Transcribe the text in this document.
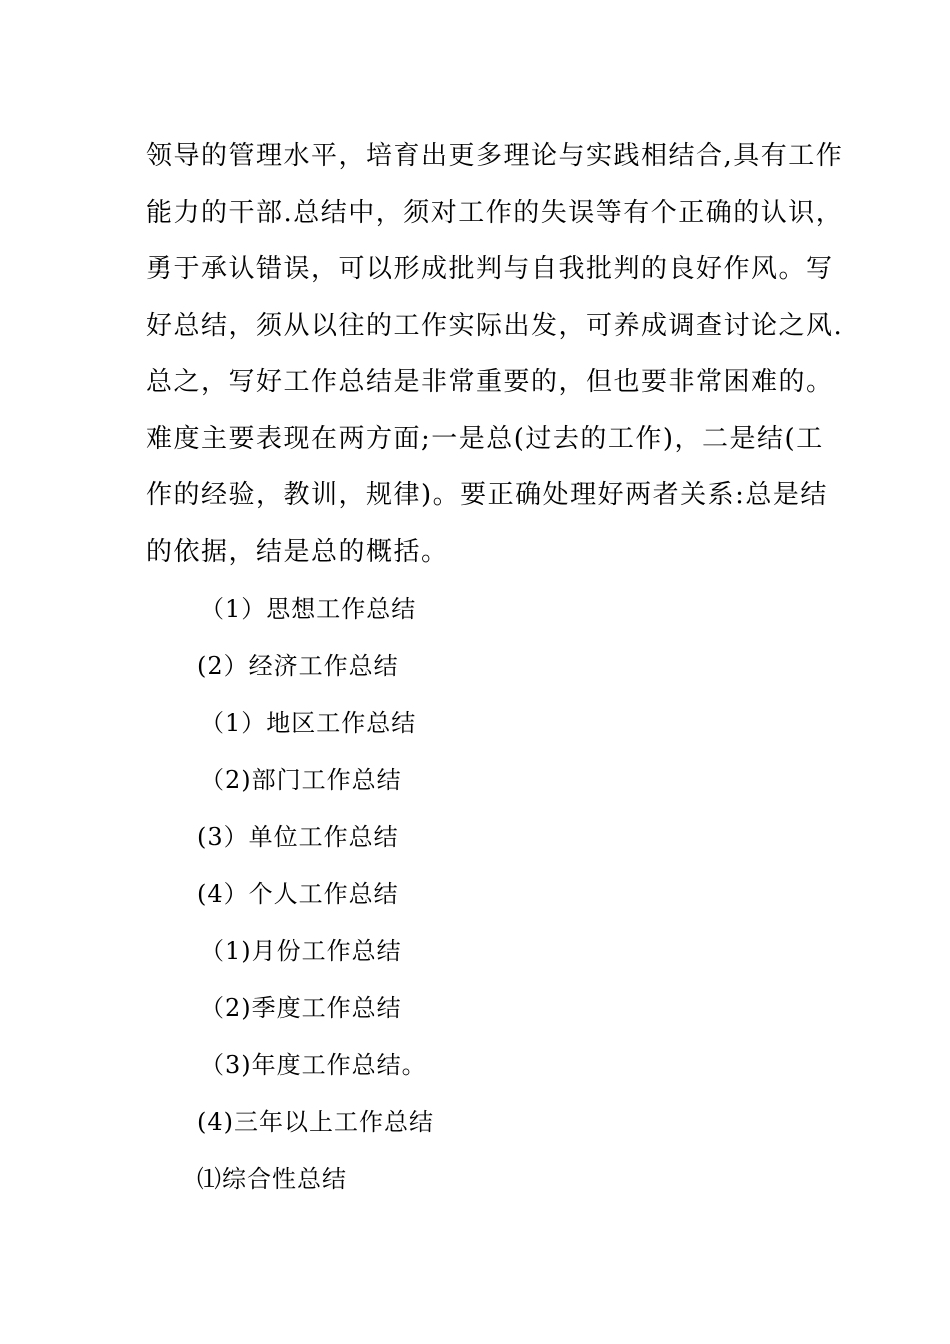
领导的管理水平，培育出更多理论与实践相结合,具有工作
能力的干部.总结中，须对工作的失误等有个正确的认识，
勇于承认错误，可以形成批判与自我批判的良好作风。写
好总结，须从以往的工作实际出发，可养成调查讨论之风.
总之，写好工作总结是非常重要的，但也要非常困难的。
难度主要表现在两方面;一是总(过去的工作)，二是结(工
作的经验，教训，规律)。要正确处理好两者关系:总是结
的依据，结是总的概括。
（1）思想工作总结
(2）经济工作总结
（1）地区工作总结
（2)部门工作总结
(3）单位工作总结
(4）个人工作总结
（1)月份工作总结
（2)季度工作总结
（3)年度工作总结。
(4)三年以上工作总结
⑴综合性总结
